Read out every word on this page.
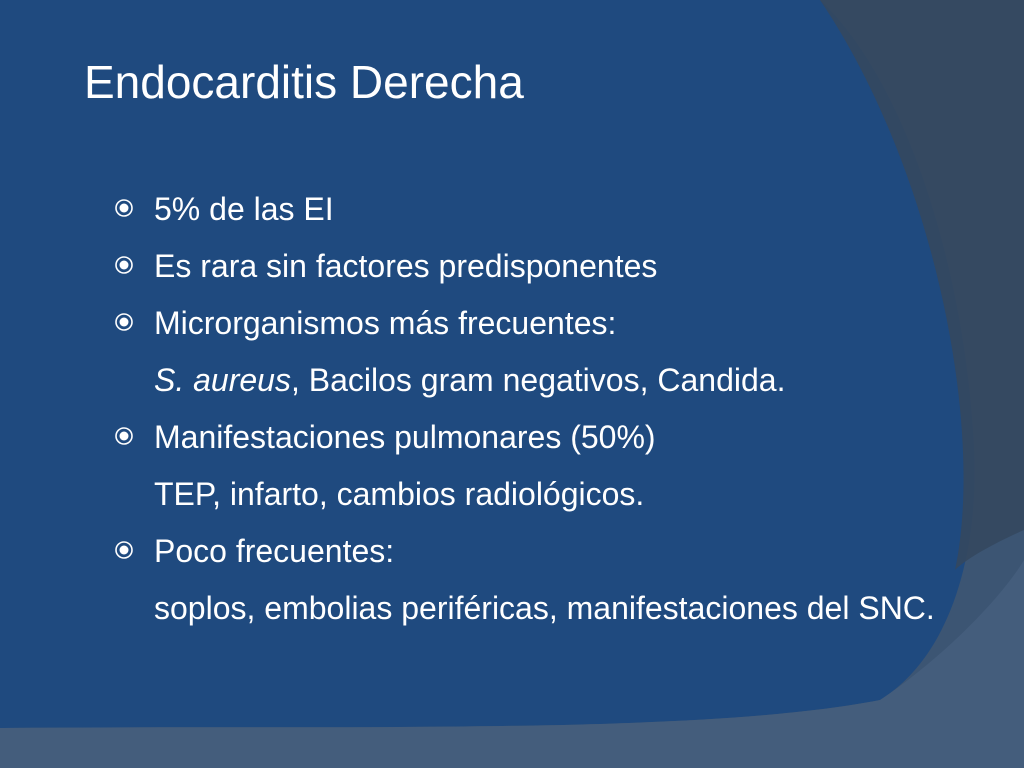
Endocarditis Derecha
5% de las EI
Es rara sin factores predisponentes
Microrganismos más frecuentes:
S. aureus, Bacilos gram negativos, Candida.
Manifestaciones pulmonares (50%)
TEP, infarto, cambios radiológicos.
Poco frecuentes:
soplos, embolias periféricas, manifestaciones del SNC.
